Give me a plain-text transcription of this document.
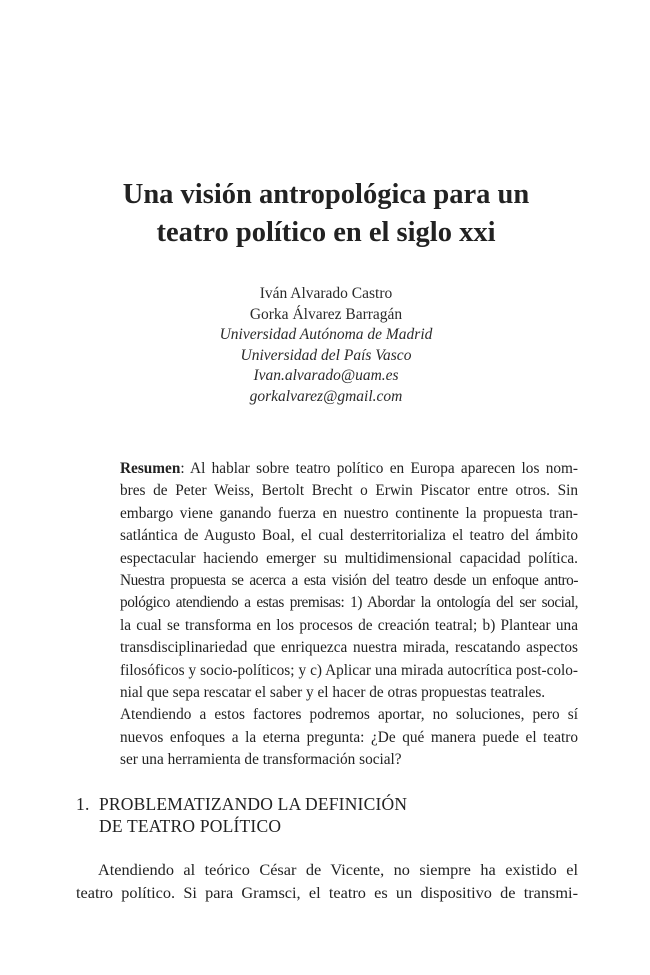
Una visión antropológica para un
teatro político en el siglo xxi
Iván Alvarado Castro
Gorka Álvarez Barragán
Universidad Autónoma de Madrid
Universidad del País Vasco
Ivan.alvarado@uam.es
gorkalvarez@gmail.com
Resumen: Al hablar sobre teatro político en Europa aparecen los nom-
bres de Peter Weiss, Bertolt Brecht o Erwin Piscator entre otros. Sin
embargo viene ganando fuerza en nuestro continente la propuesta tran-
satlántica de Augusto Boal, el cual desterritorializa el teatro del ámbito
espectacular haciendo emerger su multidimensional capacidad política.
Nuestra propuesta se acerca a esta visión del teatro desde un enfoque antro-
pológico atendiendo a estas premisas: 1) Abordar la ontología del ser social,
la cual se transforma en los procesos de creación teatral; b) Plantear una
transdisciplinariedad que enriquezca nuestra mirada, rescatando aspectos
filosóficos y socio-políticos; y c) Aplicar una mirada autocrítica post-colo-
nial que sepa rescatar el saber y el hacer de otras propuestas teatrales.
Atendiendo a estos factores podremos aportar, no soluciones, pero sí
nuevos enfoques a la eterna pregunta: ¿De qué manera puede el teatro
ser una herramienta de transformación social?
1. PROBLEMATIZANDO LA DEFINICIÓN
DE TEATRO POLÍTICO
Atendiendo al teórico César de Vicente, no siempre ha existido el
teatro político. Si para Gramsci, el teatro es un dispositivo de transmi-
